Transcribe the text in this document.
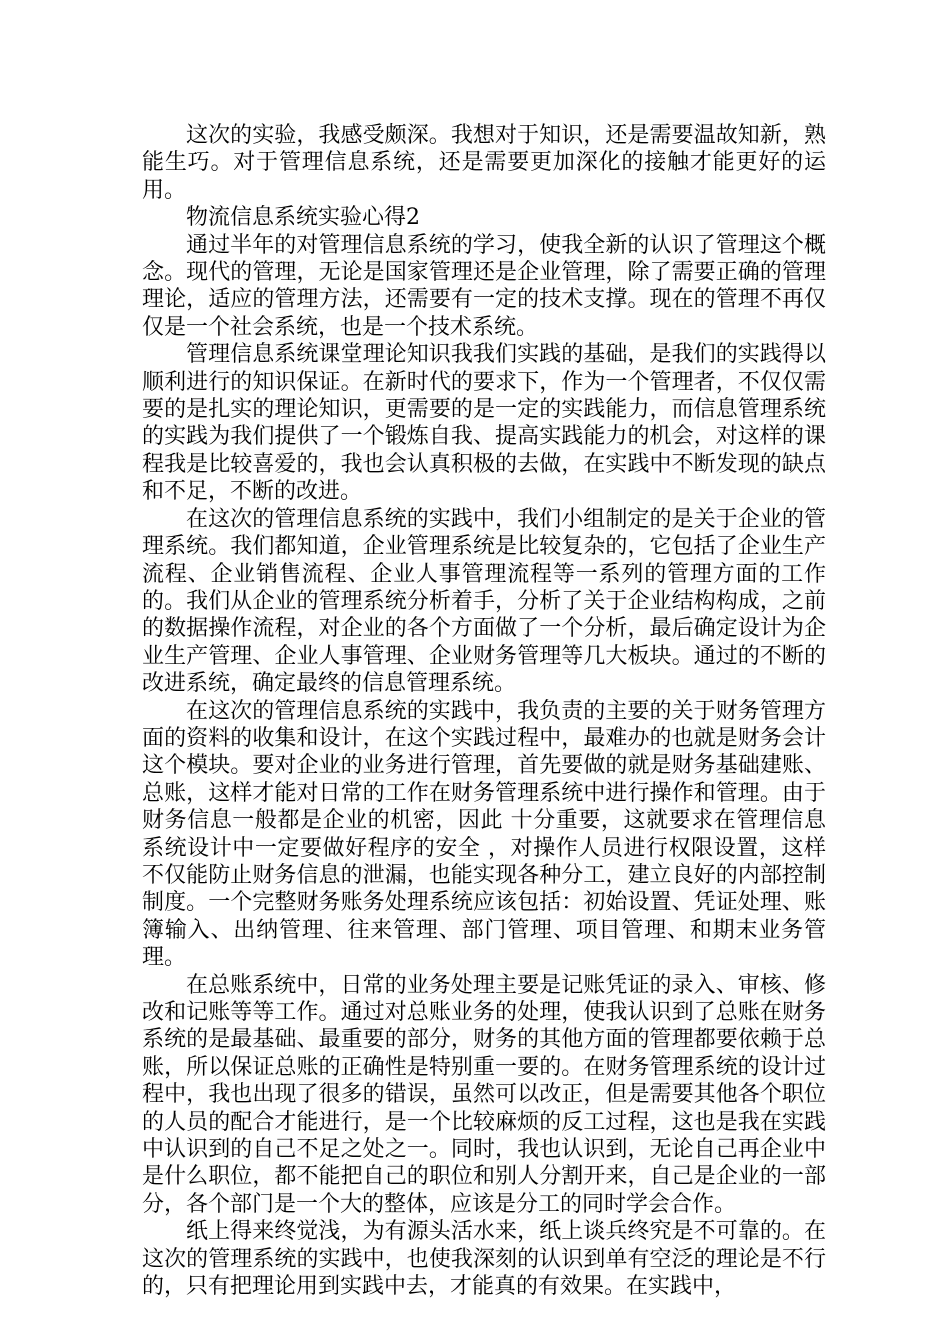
这次的实验，我感受颇深。我想对于知识，还是需要温故知新，熟能生巧。对于管理信息系统，还是需要更加深化的接触才能更好的运用。

物流信息系统实验心得2

通过半年的对管理信息系统的学习，使我全新的认识了管理这个概念。现代的管理，无论是国家管理还是企业管理，除了需要正确的管理理论，适应的管理方法，还需要有一定的技术支撑。现在的管理不再仅仅是一个社会系统，也是一个技术系统。

管理信息系统课堂理论知识我我们实践的基础，是我们的实践得以顺利进行的知识保证。在新时代的要求下，作为一个管理者，不仅仅需要的是扎实的理论知识，更需要的是一定的实践能力，而信息管理系统的实践为我们提供了一个锻炼自我、提高实践能力的机会，对这样的课程我是比较喜爱的，我也会认真积极的去做，在实践中不断发现的缺点和不足，不断的改进。

在这次的管理信息系统的实践中，我们小组制定的是关于企业的管理系统。我们都知道，企业管理系统是比较复杂的，它包括了企业生产流程、企业销售流程、企业人事管理流程等一系列的管理方面的工作的。我们从企业的管理系统分析着手，分析了关于企业结构构成，之前的数据操作流程，对企业的各个方面做了一个分析，最后确定设计为企业生产管理、企业人事管理、企业财务管理等几大板块。通过的不断的改进系统，确定最终的信息管理系统。

在这次的管理信息系统的实践中，我负责的主要的关于财务管理方面的资料的收集和设计，在这个实践过程中，最难办的也就是财务会计这个模块。要对企业的业务进行管理，首先要做的就是财务基础建账、总账，这样才能对日常的工作在财务管理系统中进行操作和管理。由于财务信息一般都是企业的机密，因此 十分重要，这就要求在管理信息系统设计中一定要做好程序的安全 ，对操作人员进行权限设置，这样不仅能防止财务信息的泄漏，也能实现各种分工，建立良好的内部控制制度。一个完整财务账务处理系统应该包括：初始设置、凭证处理、账簿输入、出纳管理、往来管理、部门管理、项目管理、和期末业务管理。

在总账系统中，日常的业务处理主要是记账凭证的录入、审核、修改和记账等等工作。通过对总账业务的处理，使我认识到了总账在财务系统的是最基础、最重要的部分，财务的其他方面的管理都要依赖于总账，所以保证总账的正确性是特别重一要的。在财务管理系统的设计过程中，我也出现了很多的错误，虽然可以改正，但是需要其他各个职位的人员的配合才能进行，是一个比较麻烦的反工过程，这也是我在实践中认识到的自己不足之处之一。同时，我也认识到，无论自己再企业中是什么职位，都不能把自己的职位和别人分割开来，自己是企业的一部分，各个部门是一个大的整体，应该是分工的同时学会合作。

纸上得来终觉浅，为有源头活水来，纸上谈兵终究是不可靠的。在这次的管理系统的实践中，也使我深刻的认识到单有空泛的理论是不行的，只有把理论用到实践中去，才能真的有效果。在实践中，
